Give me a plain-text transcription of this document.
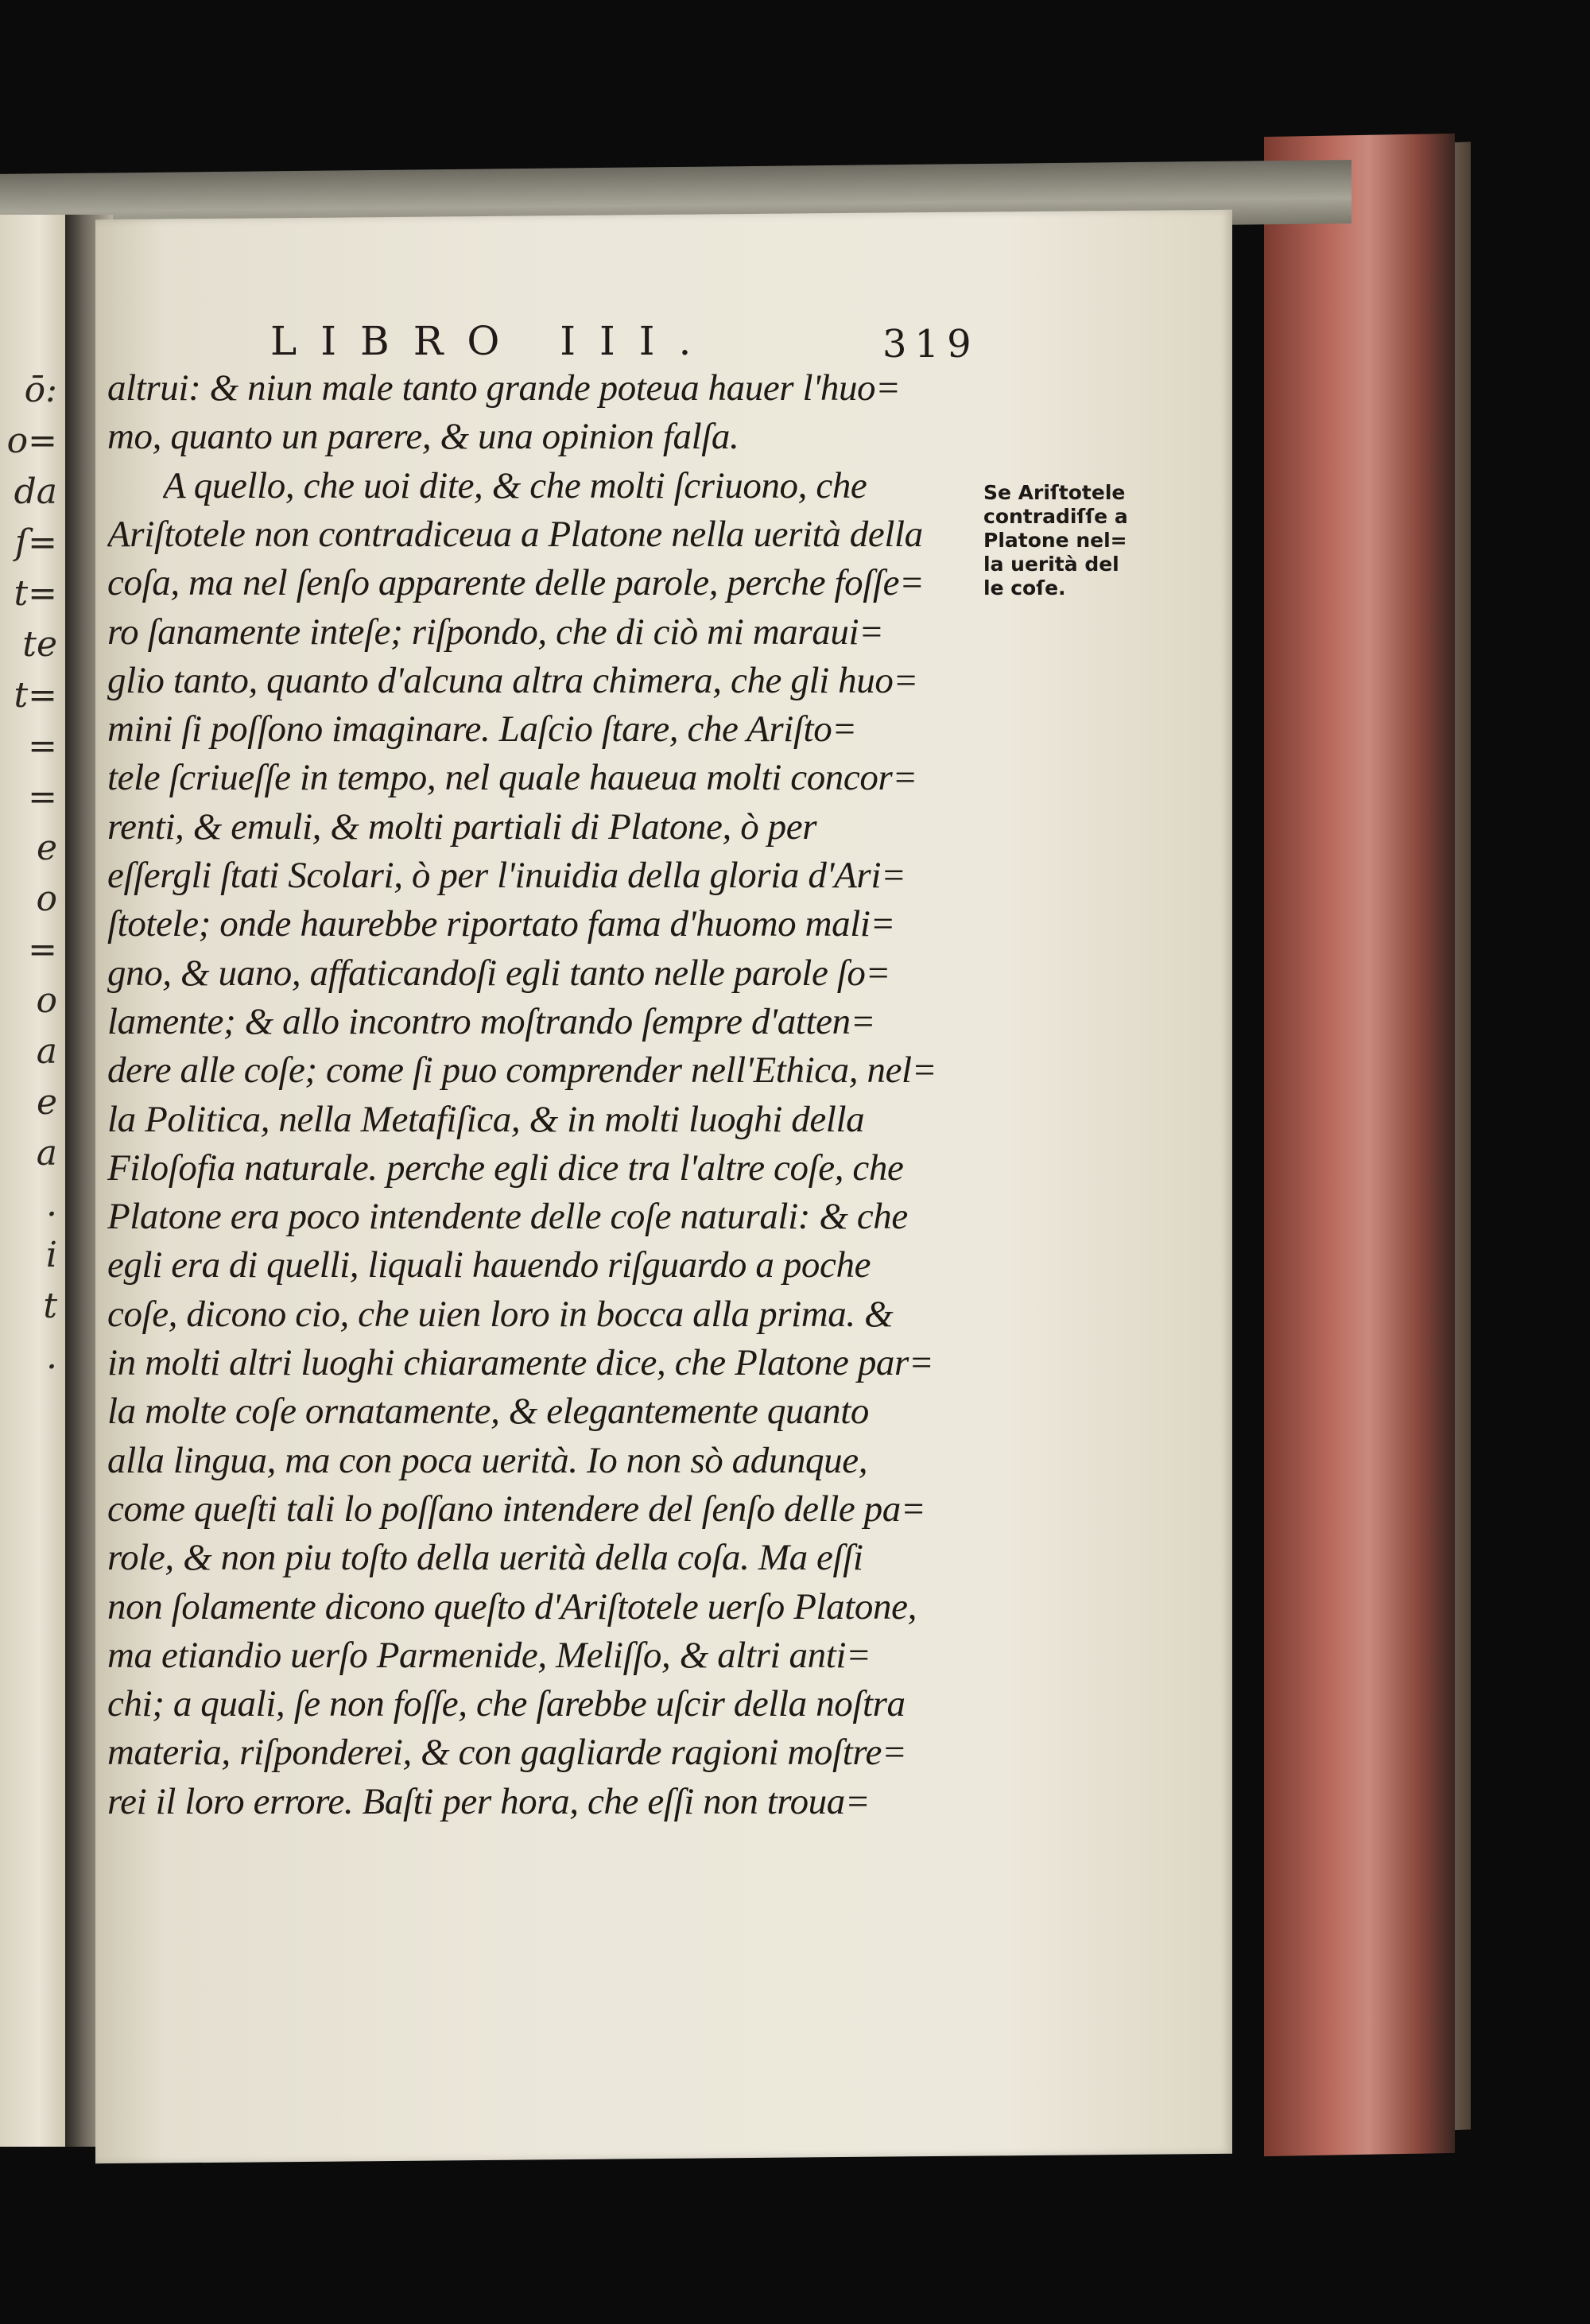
ō:
o=
da
ſ=
t=
te
t=
=
=
e
o
=
o
a
e
a
.
i
t
.
LIBRO III.	319
altrui: & niun male tanto grande poteua hauer l'huo=
mo, quanto un parere, & una opinion falſa.
A quello, che uoi dite, & che molti ſcriuono, che
Ariſtotele non contradiceua a Platone nella uerità della
coſa, ma nel ſenſo apparente delle parole, perche foſſe=
ro ſanamente inteſe; riſpondo, che di ciò mi maraui=
glio tanto, quanto d'alcuna altra chimera, che gli huo=
mini ſi poſſono imaginare. Laſcio ſtare, che Ariſto=
tele ſcriueſſe in tempo, nel quale haueua molti concor=
renti, & emuli, & molti partiali di Platone, ò per
eſſergli ſtati Scolari, ò per l'inuidia della gloria d'Ari=
ſtotele; onde haurebbe riportato fama d'huomo mali=
gno, & uano, affaticandoſi egli tanto nelle parole ſo=
lamente; & allo incontro moſtrando ſempre d'atten=
dere alle coſe; come ſi puo comprender nell'Ethica, nel=
la Politica, nella Metafiſica, & in molti luoghi della
Filoſofia naturale. perche egli dice tra l'altre coſe, che
Platone era poco intendente delle coſe naturali: & che
egli era di quelli, liquali hauendo riſguardo a poche
coſe, dicono cio, che uien loro in bocca alla prima. &
in molti altri luoghi chiaramente dice, che Platone par=
la molte coſe ornatamente, & elegantemente quanto
alla lingua, ma con poca uerità. Io non sò adunque,
come queſti tali lo poſſano intendere del ſenſo delle pa=
role, & non piu toſto della uerità della coſa. Ma eſſi
non ſolamente dicono queſto d'Ariſtotele uerſo Platone,
ma etiandio uerſo Parmenide, Meliſſo, & altri anti=
chi; a quali, ſe non foſſe, che ſarebbe uſcir della noſtra
materia, riſponderei, & con gagliarde ragioni moſtre=
rei il loro errore. Baſti per hora, che eſſi non troua=
Se Ariſtotele
contradiſſe a
Platone nel=
la uerità del
le coſe.
